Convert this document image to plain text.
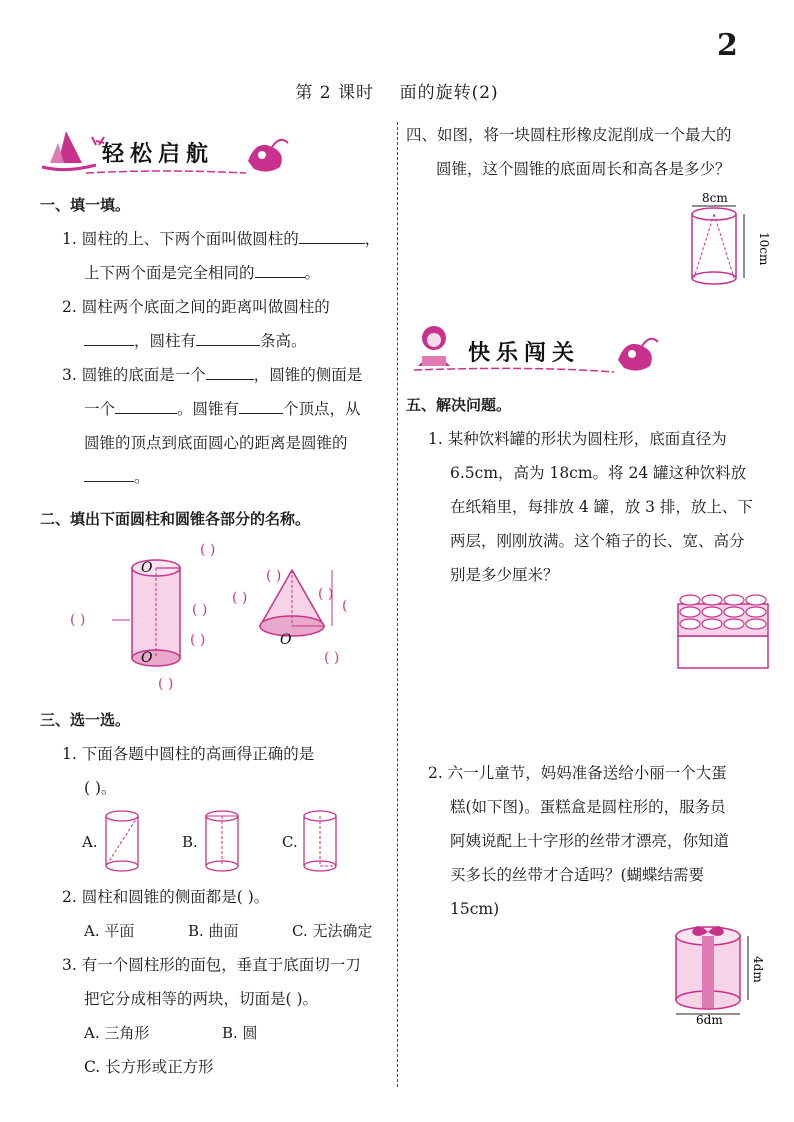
2
第 2 课时    面的旋转(2)
轻松启航
一、填一填。
1. 圆柱的上、下两个面叫做圆柱的	，
上下两个面是完全相同的	。
2. 圆柱两个底面之间的距离叫做圆柱的
，圆柱有	条高。
3. 圆锥的底面是一个	，圆锥的侧面是
一个	。圆锥有	个顶点，从
圆锥的顶点到底面圆心的距离是圆锥的
。
二、填出下面圆柱和圆锥各部分的名称。
O
O
( )
( )
( )
( )
( )
O
( )
( )	( )
(
( )
三、选一选。
1. 下面各题中圆柱的高画得正确的是
( )。
A.	B.	C.
2. 圆柱和圆锥的侧面都是( )。
A. 平面	B. 曲面	C. 无法确定
3. 有一个圆柱形的面包，垂直于底面切一刀
把它分成相等的两块，切面是( )。
A. 三角形	B. 圆
C. 长方形或正方形
四、如图，将一块圆柱形橡皮泥削成一个最大的
圆锥，这个圆锥的底面周长和高各是多少？
8cm
10cm
快乐闯关
五、解决问题。
1. 某种饮料罐的形状为圆柱形，底面直径为
6.5cm，高为 18cm。将 24 罐这种饮料放
在纸箱里，每排放 4 罐，放 3 排，放上、下
两层，刚刚放满。这个箱子的长、宽、高分
别是多少厘米？
2. 六一儿童节，妈妈准备送给小丽一个大蛋
糕(如下图)。蛋糕盒是圆柱形的，服务员
阿姨说配上十字形的丝带才漂亮，你知道
买多长的丝带才合适吗？(蝴蝶结需要
15cm)
4dm
6dm
